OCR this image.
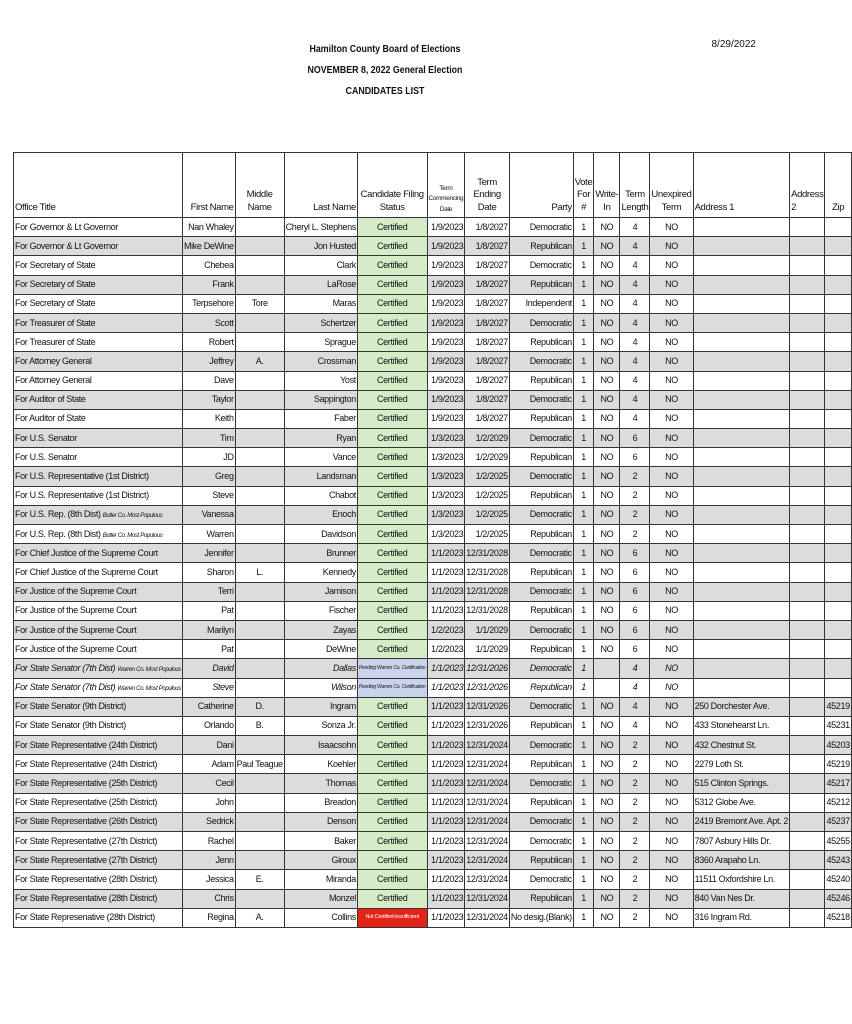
Hamilton County Board of Elections
NOVEMBER 8, 2022 General Election
CANDIDATES LIST
8/29/2022
Office Title	First Name	Middle Name	Last Name	Candidate Filing Status	Term Commencing Date	Term Ending Date	Party	Vote For #	Write-In	Term Length	Unexpired Term	Address 1	Address 2	Zip
For Governor & Lt Governor	Nan Whaley		Cheryl L. Stephens	Certified	1/9/2023	1/8/2027	Democratic	1	NO	4	NO			
For Governor & Lt Governor	Mike DeWine		Jon Husted	Certified	1/9/2023	1/8/2027	Republican	1	NO	4	NO			
For Secretary of State	Chebea		Clark	Certified	1/9/2023	1/8/2027	Democratic	1	NO	4	NO			
For Secretary of State	Frank		LaRose	Certified	1/9/2023	1/8/2027	Republican	1	NO	4	NO			
For Secretary of State	Terpsehore	Tore	Maras	Certified	1/9/2023	1/8/2027	Independent	1	NO	4	NO			
For Treasurer of State	Scott		Schertzer	Certified	1/9/2023	1/8/2027	Democratic	1	NO	4	NO			
For Treasurer of State	Robert		Sprague	Certified	1/9/2023	1/8/2027	Republican	1	NO	4	NO			
For Attorney General	Jeffrey	A.	Crossman	Certified	1/9/2023	1/8/2027	Democratic	1	NO	4	NO			
For Attorney General	Dave		Yost	Certified	1/9/2023	1/8/2027	Republican	1	NO	4	NO			
For Auditor of State	Taylor		Sappington	Certified	1/9/2023	1/8/2027	Democratic	1	NO	4	NO			
For Auditor of State	Keith		Faber	Certified	1/9/2023	1/8/2027	Republican	1	NO	4	NO			
For U.S. Senator	Tim		Ryan	Certified	1/3/2023	1/2/2029	Democratic	1	NO	6	NO			
For U.S. Senator	JD		Vance	Certified	1/3/2023	1/2/2029	Republican	1	NO	6	NO			
For U.S. Representative (1st District)	Greg		Landsman	Certified	1/3/2023	1/2/2025	Democratic	1	NO	2	NO			
For U.S. Representative (1st District)	Steve		Chabot	Certified	1/3/2023	1/2/2025	Republican	1	NO	2	NO			
For U.S. Rep. (8th Dist) Butler Co. Most Populous	Vanessa		Enoch	Certified	1/3/2023	1/2/2025	Democratic	1	NO	2	NO			
For U.S. Rep. (8th Dist) Butler Co. Most Populous	Warren		Davidson	Certified	1/3/2023	1/2/2025	Republican	1	NO	2	NO			
For Chief Justice of the Supreme Court	Jennifer		Brunner	Certified	1/1/2023	12/31/2028	Democratic	1	NO	6	NO			
For Chief Justice of the Supreme Court	Sharon	L.	Kennedy	Certified	1/1/2023	12/31/2028	Republican	1	NO	6	NO			
For Justice of the Supreme Court	Terri		Jamison	Certified	1/1/2023	12/31/2028	Democratic	1	NO	6	NO			
For Justice of the Supreme Court	Pat		Fischer	Certified	1/1/2023	12/31/2028	Republican	1	NO	6	NO			
For Justice of the Supreme Court	Marilyn		Zayas	Certified	1/2/2023	1/1/2029	Democratic	1	NO	6	NO			
For Justice of the Supreme Court	Pat		DeWine	Certified	1/2/2023	1/1/2029	Republican	1	NO	6	NO			
For State Senator (7th Dist) Warren Co. Most Populous	David		Dallas	Pending Warren Co. Certification	1/1/2023	12/31/2026	Democratic	1		4	NO			
For State Senator (7th Dist) Warren Co. Most Populous	Steve		Wilson	Pending Warren Co. Certification	1/1/2023	12/31/2026	Republican	1		4	NO			
For State Senator (9th District)	Catherine	D.	Ingram	Certified	1/1/2023	12/31/2026	Democratic	1	NO	4	NO	250 Dorchester Ave.		45219
For State Senator (9th District)	Orlando	B.	Sonza Jr.	Certified	1/1/2023	12/31/2026	Republican	1	NO	4	NO	433 Stonehearst Ln.		45231
For State Representative (24th District)	Dani		Isaacsohn	Certified	1/1/2023	12/31/2024	Democratic	1	NO	2	NO	432 Chestnut St.		45203
For State Representative (24th District)	Adam	Paul Teague	Koehler	Certified	1/1/2023	12/31/2024	Republican	1	NO	2	NO	2279 Loth St.		45219
For State Representative (25th District)	Cecil		Thomas	Certified	1/1/2023	12/31/2024	Democratic	1	NO	2	NO	515 Clinton Springs.		45217
For State Representative (25th District)	John		Breadon	Certified	1/1/2023	12/31/2024	Republican	1	NO	2	NO	5312 Globe Ave.		45212
For State Representative (26th District)	Sedrick		Denson	Certified	1/1/2023	12/31/2024	Democratic	1	NO	2	NO	2419 Bremont Ave. Apt. 2		45237
For State Representative (27th District)	Rachel		Baker	Certified	1/1/2023	12/31/2024	Democratic	1	NO	2	NO	7807 Asbury Hills Dr.		45255
For State Representative (27th District)	Jenn		Giroux	Certified	1/1/2023	12/31/2024	Republican	1	NO	2	NO	8360 Arapaho Ln.		45243
For State Representative (28th District)	Jessica	E.	Miranda	Certified	1/1/2023	12/31/2024	Democratic	1	NO	2	NO	11511 Oxfordshire Ln.		45240
For State Representative (28th District)	Chris		Monzel	Certified	1/1/2023	12/31/2024	Republican	1	NO	2	NO	840 Van Nes Dr.		45246
For State Represenative (28th District)	Regina	A.	Collins	Not Certified-Insufficient	1/1/2023	12/31/2024	No desig.(Blank)	1	NO	2	NO	316 Ingram Rd.		45218
